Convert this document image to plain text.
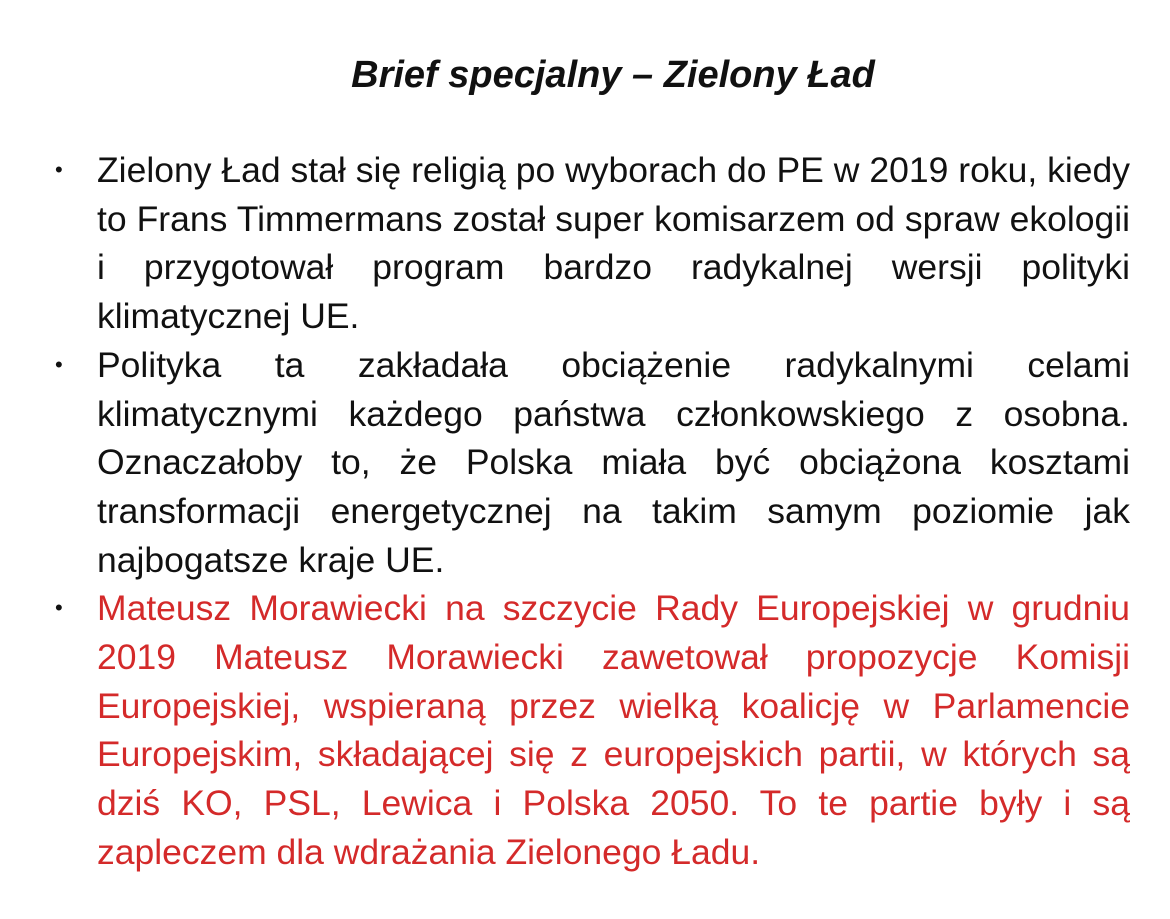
Brief specjalny – Zielony Ład
• Zielony Ład stał się religią po wyborach do PE w 2019 roku, kiedy to Frans Timmermans został super komisarzem od spraw ekologii i przygotował program bardzo radykalnej wersji polityki klimatycznej UE.
• Polityka ta zakładała obciążenie radykalnymi celami klimatycznymi każdego państwa członkowskiego z osobna. Oznaczałoby to, że Polska miała być obciążona kosztami transformacji energetycznej na takim samym poziomie jak najbogatsze kraje UE.
• Mateusz Morawiecki na szczycie Rady Europejskiej w grudniu 2019 Mateusz Morawiecki zawetował propozycje Komisji Europejskiej, wspieraną przez wielką koalicję w Parlamencie Europejskim, składającej się z europejskich partii, w których są dziś KO, PSL, Lewica i Polska 2050. To te partie były i są zapleczem dla wdrażania Zielonego Ładu.
